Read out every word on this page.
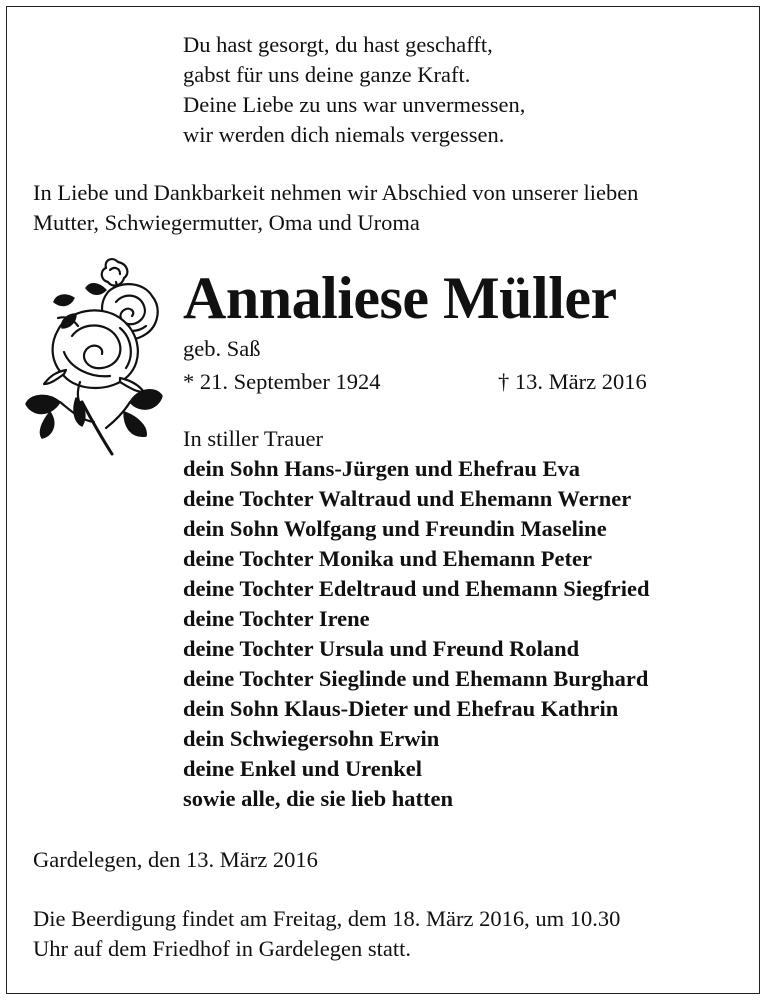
Du hast gesorgt, du hast geschafft,
gabst für uns deine ganze Kraft.
Deine Liebe zu uns war unvermessen,
wir werden dich niemals vergessen.
In Liebe und Dankbarkeit nehmen wir Abschied von unserer lieben
Mutter, Schwiegermutter, Oma und Uroma
Annaliese Müller
geb. Saß
* 21. September 1924	† 13. März 2016
In stiller Trauer
dein Sohn Hans-Jürgen und Ehefrau Eva
deine Tochter Waltraud und Ehemann Werner
dein Sohn Wolfgang und Freundin Maseline
deine Tochter Monika und Ehemann Peter
deine Tochter Edeltraud und Ehemann Siegfried
deine Tochter Irene
deine Tochter Ursula und Freund Roland
deine Tochter Sieglinde und Ehemann Burghard
dein Sohn Klaus-Dieter und Ehefrau Kathrin
dein Schwiegersohn Erwin
deine Enkel und Urenkel
sowie alle, die sie lieb hatten
Gardelegen, den 13. März 2016
Die Beerdigung findet am Freitag, dem 18. März 2016, um 10.30
Uhr auf dem Friedhof in Gardelegen statt.
